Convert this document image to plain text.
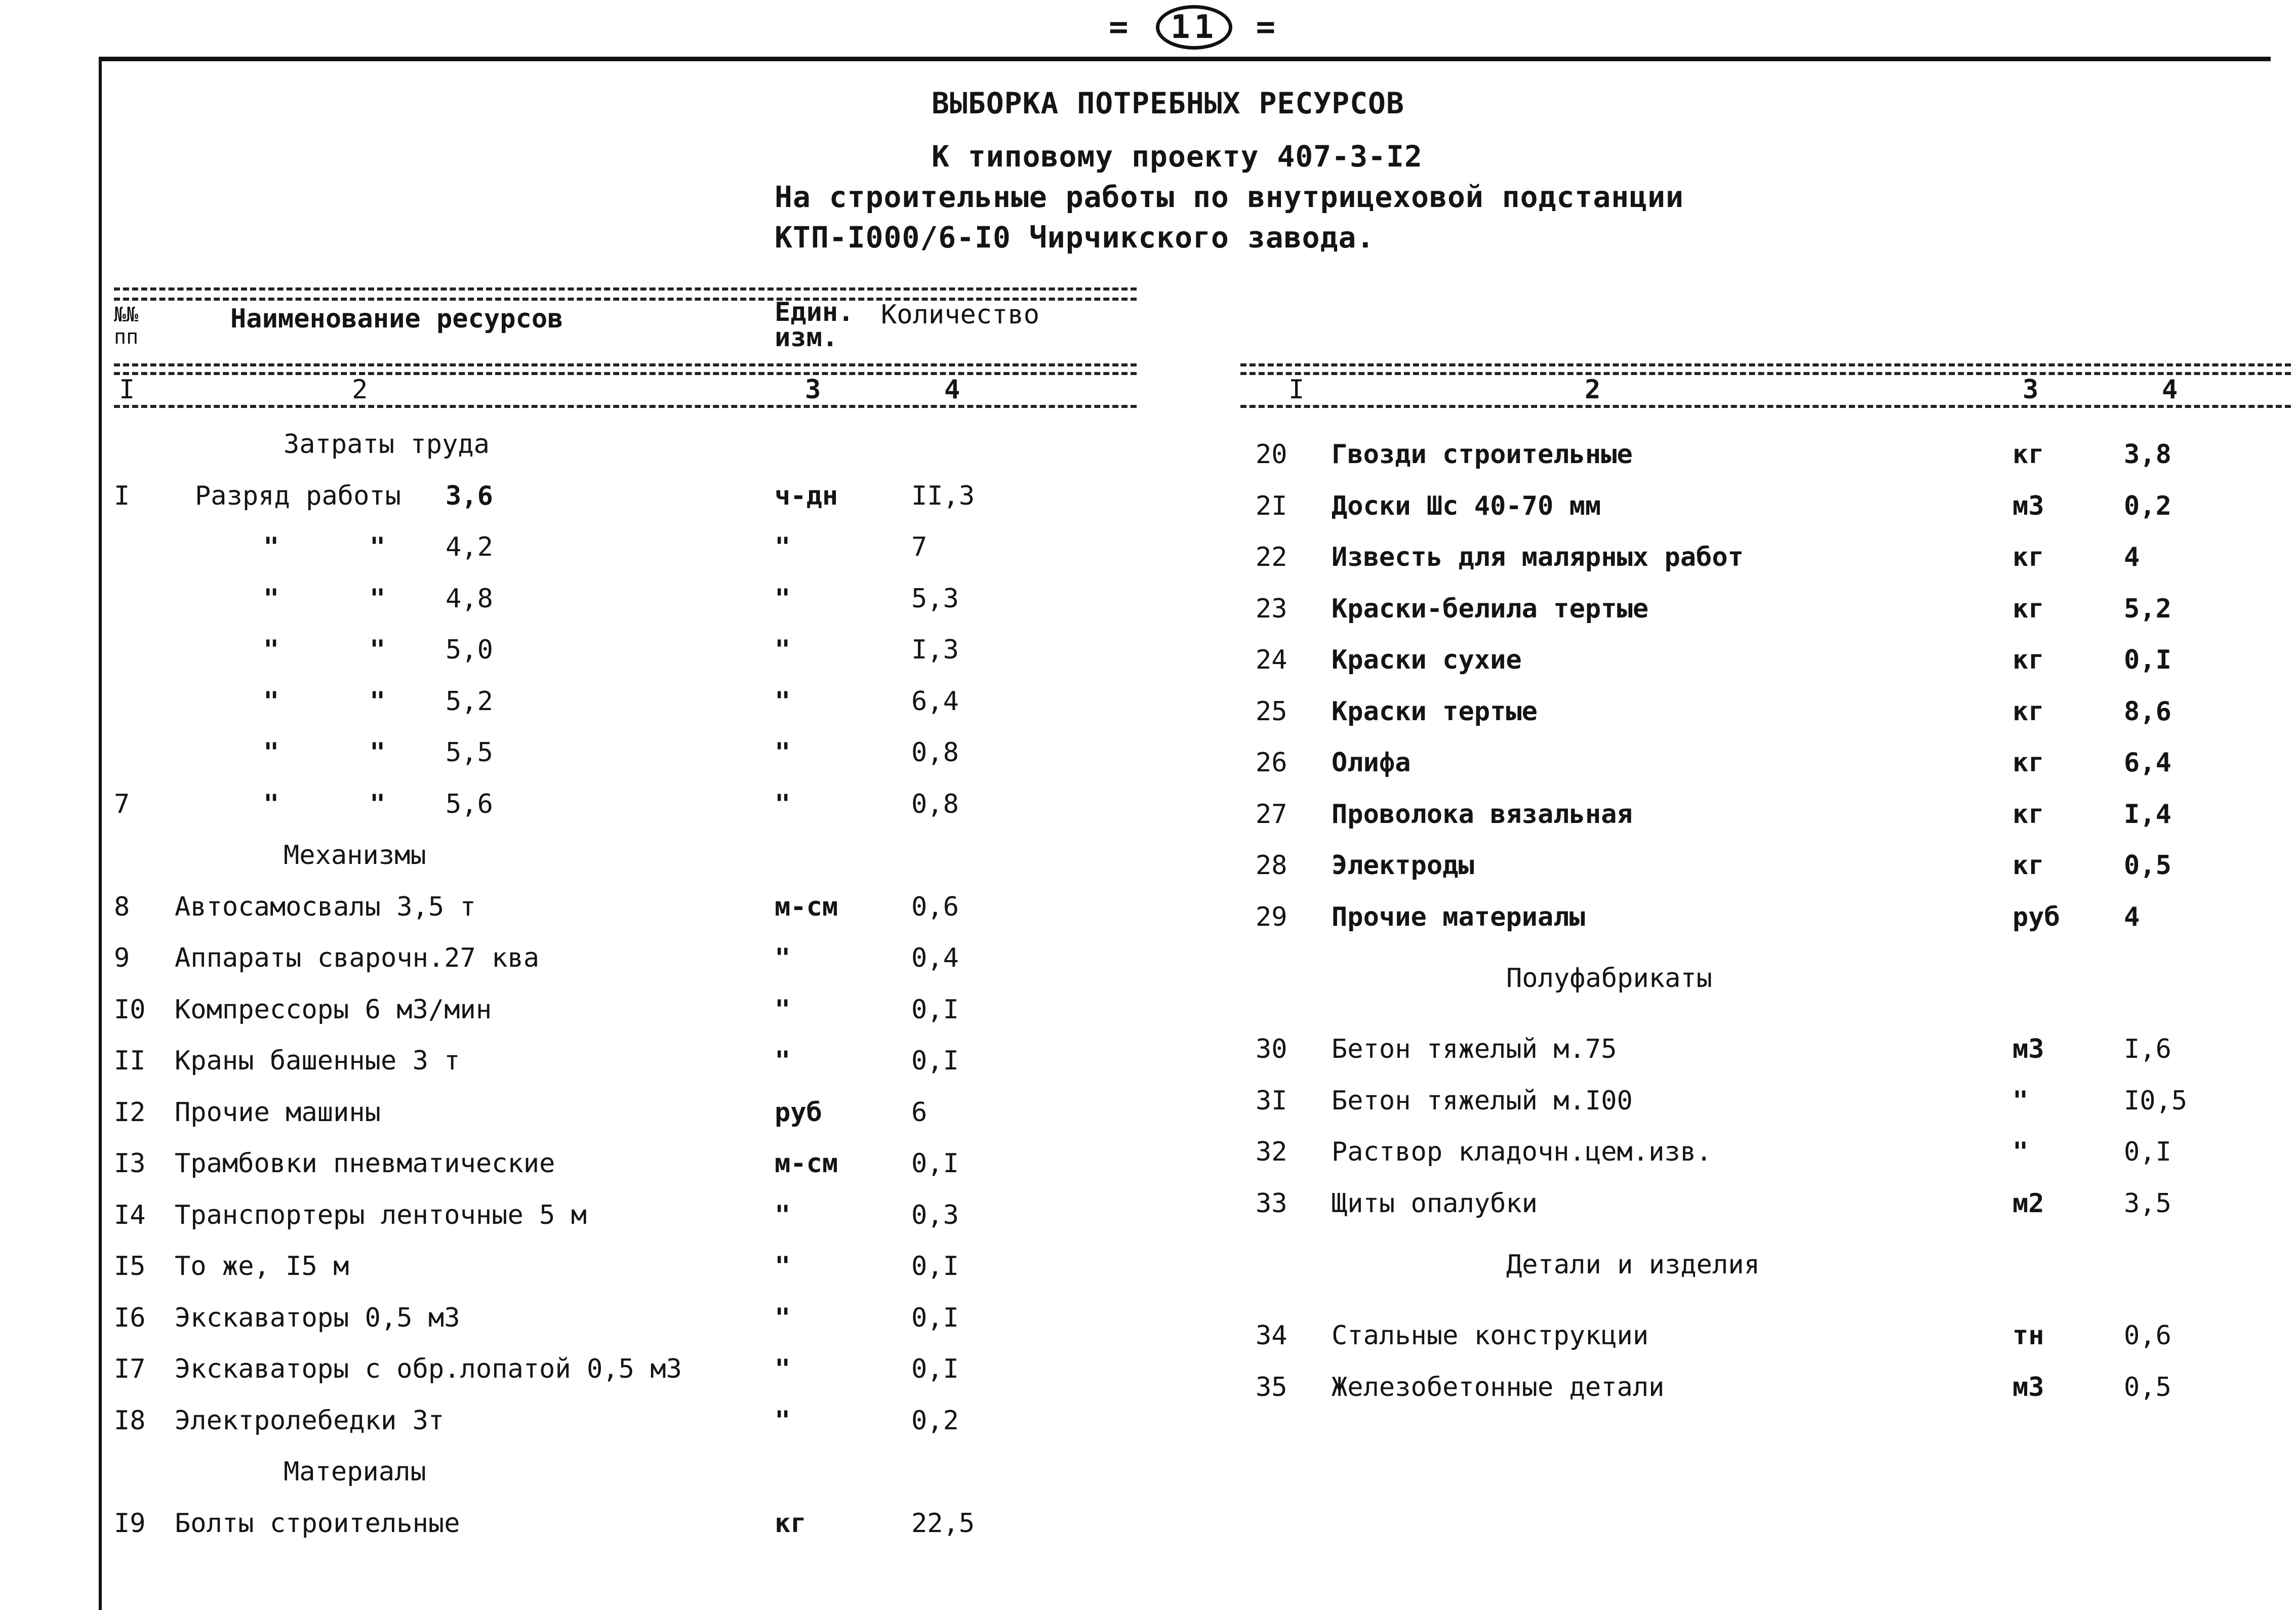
= 11 =
ВЫБОРКА ПОТРЕБНЫХ РЕСУРСОВ
К типовому проекту 407-3-I2
На строительные работы по внутрицеховой подстанции
КТП-I000/6-I0 Чирчикского завода.
№№ пп
Наименование ресурсов	Един. изм.
Количество
I	2	3	4	I	2	3	4
Затраты труда
I Разряд работы 3,6	ч-дн	II,3
"	" 4,2	"	7
"	" 4,8	"	5,3
"	" 5,0	"	I,3
"	" 5,2	"	6,4
"	" 5,5	"	0,8
7	"	" 5,6	"	0,8
Механизмы
8 Автосамосвалы 3,5 т	м-см	0,6
9 Аппараты сварочн.27 ква	"	0,4
I0 Компрессоры 6 м3/мин	"	0,I
II Краны башенные 3 т	"	0,I
I2 Прочие машины	руб	6
I3 Трамбовки пневматические	м-см	0,I
I4 Транспортеры ленточные 5 м	"	0,3
I5 То же, I5 м	"	0,I
I6 Экскаваторы 0,5 м3	"	0,I
I7 Экскаваторы с обр.лопатой 0,5 м3	"	0,I
I8 Электролебедки 3т	"	0,2
Материалы
I9 Болты строительные	кг	22,5
20 Гвозди строительные	кг	3,8
2I Доски Шс 40-70 мм	м3	0,2
22 Известь для малярных работ	кг	4
23 Краски-белила тертые	кг	5,2
24 Краски сухие	кг	0,I
25 Краски тертые	кг	8,6
26 Олифа	кг	6,4
27 Проволока вязальная	кг	I,4
28 Электроды	кг	0,5
29 Прочие материалы	руб 4
Полуфабрикаты
30 Бетон тяжелый м.75	м3	I,6
3I Бетон тяжелый м.I00	"	I0,5
32 Раствор кладочн.цем.изв.	"	0,I
33 Щиты опалубки	м2	3,5
Детали и изделия
34 Стальные конструкции	тн	0,6
35 Железобетонные детали	м3	0,5
